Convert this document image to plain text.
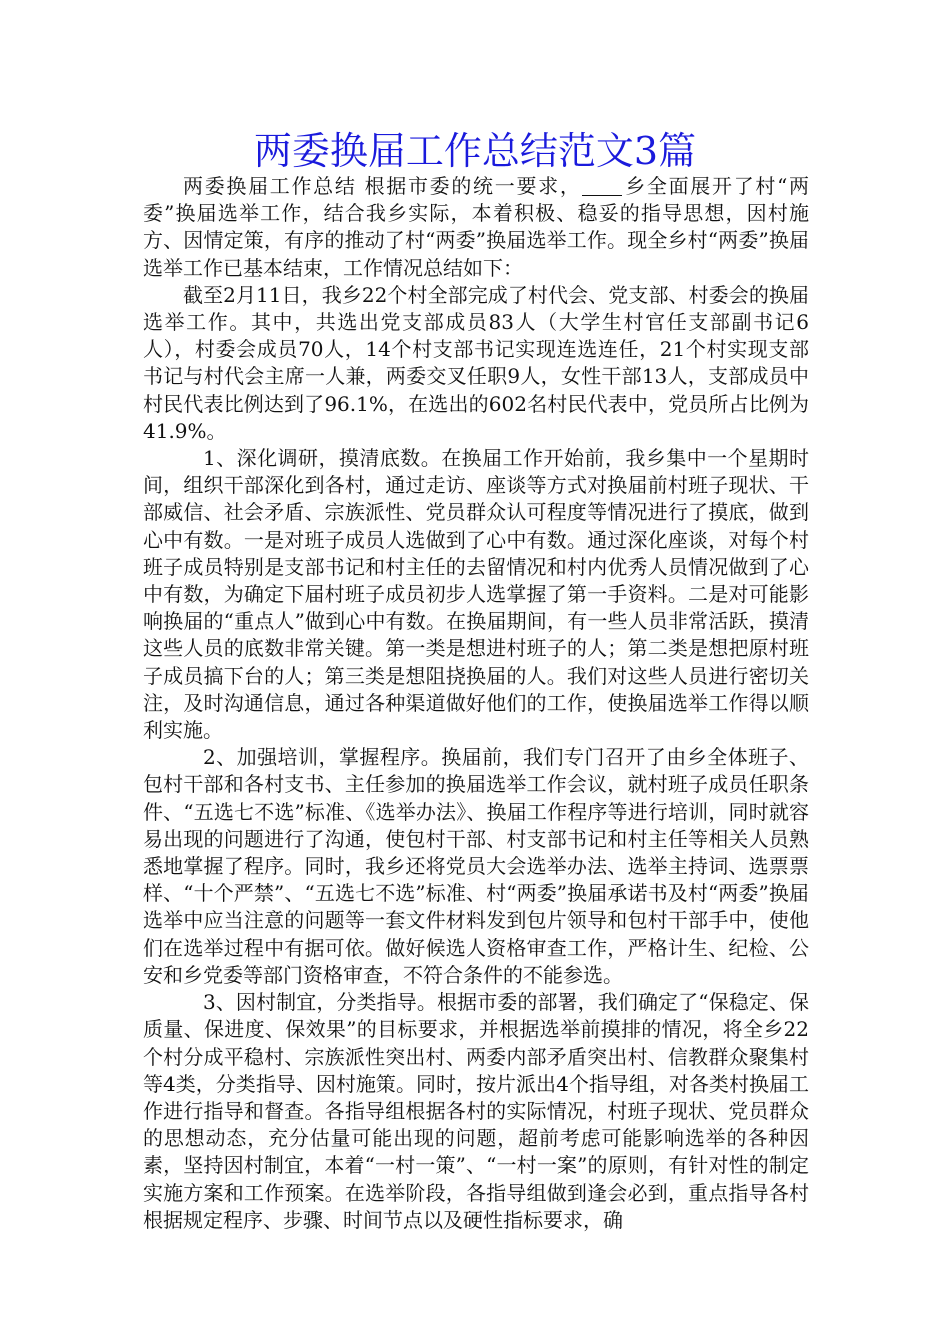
两委换届工作总结范文3篇

两委换届工作总结 根据市委的统一要求， 乡全面展开了村“两委”换届选举工作，结合我乡实际，本着积极、稳妥的指导思想，因村施方、因情定策，有序的推动了村“两委”换届选举工作。现全乡村“两委”换届选举工作已基本结束，工作情况总结如下：

截至2月11日，我乡22个村全部完成了村代会、党支部、村委会的换届选举工作。其中，共选出党支部成员83人（大学生村官任支部副书记6人），村委会成员70人，14个村支部书记实现连选连任，21个村实现支部书记与村代会主席一人兼，两委交叉任职9人，女性干部13人，支部成员中村民代表比例达到了96.1%，在选出的602名村民代表中，党员所占比例为41.9%。

1、深化调研，摸清底数。在换届工作开始前，我乡集中一个星期时间，组织干部深化到各村，通过走访、座谈等方式对换届前村班子现状、干部威信、社会矛盾、宗族派性、党员群众认可程度等情况进行了摸底，做到心中有数。一是对班子成员人选做到了心中有数。通过深化座谈，对每个村班子成员特别是支部书记和村主任的去留情况和村内优秀人员情况做到了心中有数，为确定下届村班子成员初步人选掌握了第一手资料。二是对可能影响换届的“重点人”做到心中有数。在换届期间，有一些人员非常活跃，摸清这些人员的底数非常关键。第一类是想进村班子的人；第二类是想把原村班子成员搞下台的人；第三类是想阻挠换届的人。我们对这些人员进行密切关注，及时沟通信息，通过各种渠道做好他们的工作，使换届选举工作得以顺利实施。

2、加强培训，掌握程序。换届前，我们专门召开了由乡全体班子、包村干部和各村支书、主任参加的换届选举工作会议，就村班子成员任职条件、“五选七不选”标准、《选举办法》、换届工作程序等进行培训，同时就容易出现的问题进行了沟通，使包村干部、村支部书记和村主任等相关人员熟悉地掌握了程序。同时，我乡还将党员大会选举办法、选举主持词、选票票样、“十个严禁”、“五选七不选”标准、村“两委”换届承诺书及村“两委”换届选举中应当注意的问题等一套文件材料发到包片领导和包村干部手中，使他们在选举过程中有据可依。做好候选人资格审查工作，严格计生、纪检、公安和乡党委等部门资格审查，不符合条件的不能参选。

3、因村制宜，分类指导。根据市委的部署，我们确定了“保稳定、保质量、保进度、保效果”的目标要求，并根据选举前摸排的情况，将全乡22个村分成平稳村、宗族派性突出村、两委内部矛盾突出村、信教群众聚集村等4类，分类指导、因村施策。同时，按片派出4个指导组，对各类村换届工作进行指导和督查。各指导组根据各村的实际情况，村班子现状、党员群众的思想动态，充分估量可能出现的问题，超前考虑可能影响选举的各种因素，坚持因村制宜，本着“一村一策”、“一村一案”的原则，有针对性的制定实施方案和工作预案。在选举阶段，各指导组做到逢会必到，重点指导各村根据规定程序、步骤、时间节点以及硬性指标要求，确
